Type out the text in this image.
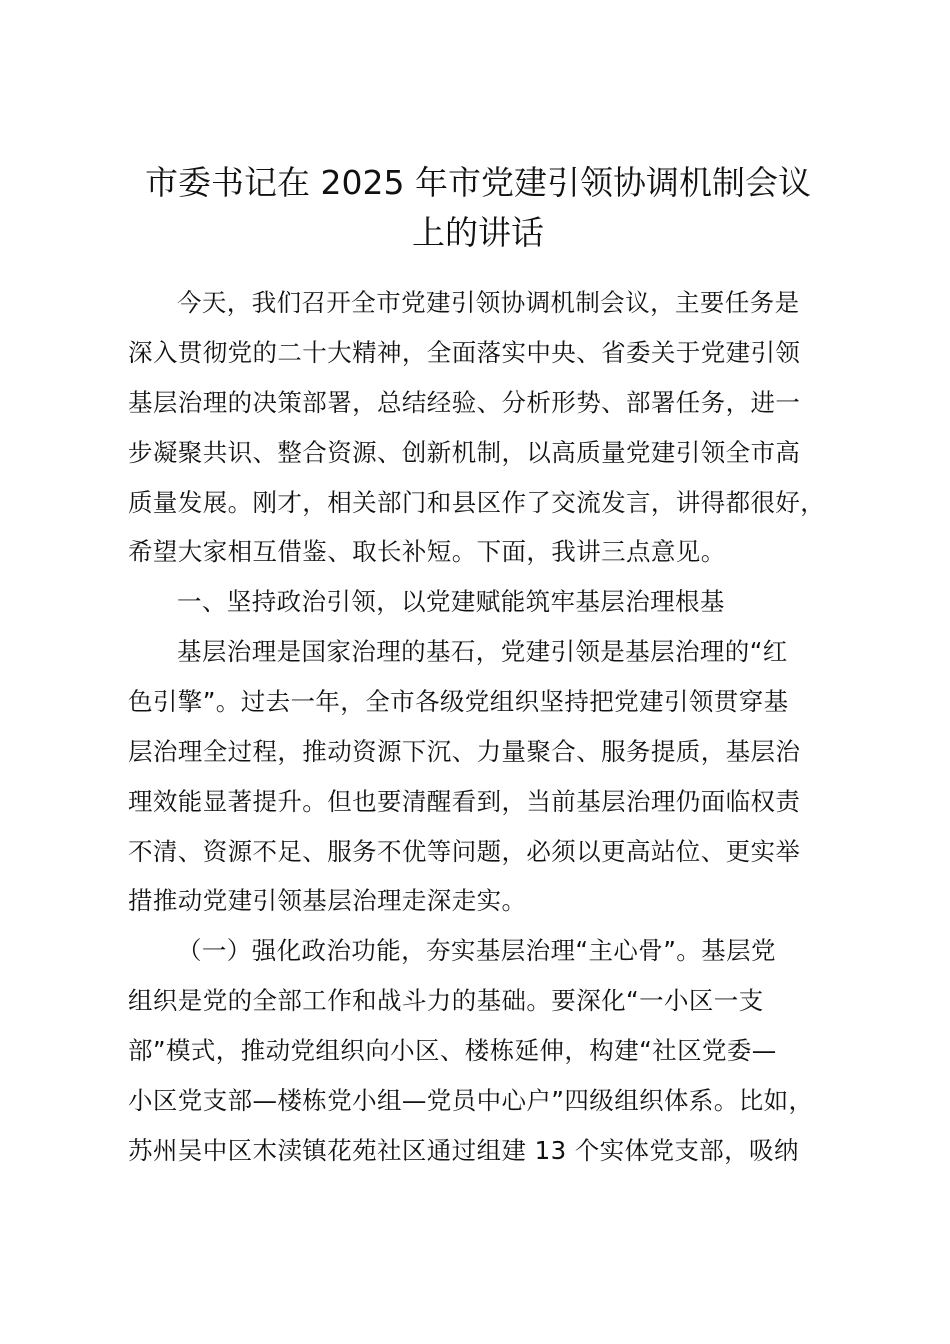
市委书记在 2025 年市党建引领协调机制会议
上的讲话
今天，我们召开全市党建引领协调机制会议，主要任务是
深入贯彻党的二十大精神，全面落实中央、省委关于党建引领
基层治理的决策部署，总结经验、分析形势、部署任务，进一
步凝聚共识、整合资源、创新机制，以高质量党建引领全市高
质量发展。刚才，相关部门和县区作了交流发言，讲得都很好，
希望大家相互借鉴、取长补短。下面，我讲三点意见。
一、坚持政治引领，以党建赋能筑牢基层治理根基
基层治理是国家治理的基石，党建引领是基层治理的“红
色引擎”。过去一年，全市各级党组织坚持把党建引领贯穿基
层治理全过程，推动资源下沉、力量聚合、服务提质，基层治
理效能显著提升。但也要清醒看到，当前基层治理仍面临权责
不清、资源不足、服务不优等问题，必须以更高站位、更实举
措推动党建引领基层治理走深走实。
（一）强化政治功能，夯实基层治理“主心骨”。基层党
组织是党的全部工作和战斗力的基础。要深化“一小区一支
部”模式，推动党组织向小区、楼栋延伸，构建“社区党委—
小区党支部—楼栋党小组—党员中心户”四级组织体系。比如，
苏州吴中区木渎镇花苑社区通过组建 13 个实体党支部，吸纳
